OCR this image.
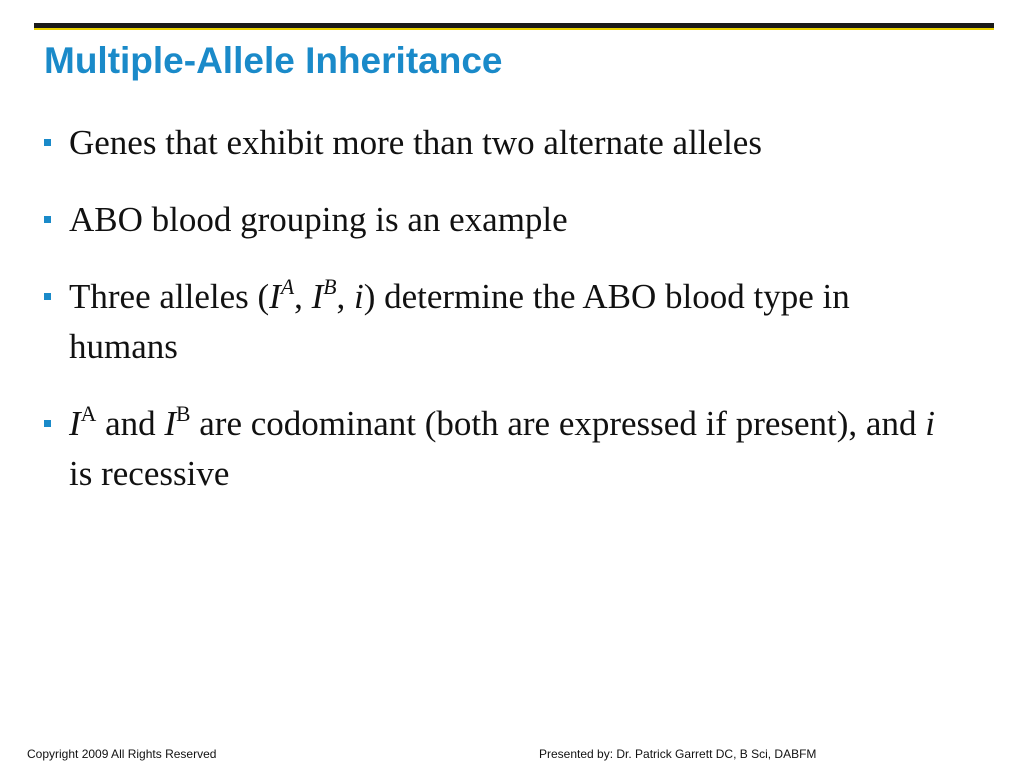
Multiple-Allele Inheritance
Genes that exhibit more than two alternate alleles
ABO blood grouping is an example
Three alleles ($I^A$, $I^B$, i) determine the ABO blood type in humans
$I^A$ and $I^B$ are codominant (both are expressed if present), and i is recessive
Copyright 2009 All Rights Reserved	Presented by: Dr. Patrick Garrett DC, B Sci, DABFM
